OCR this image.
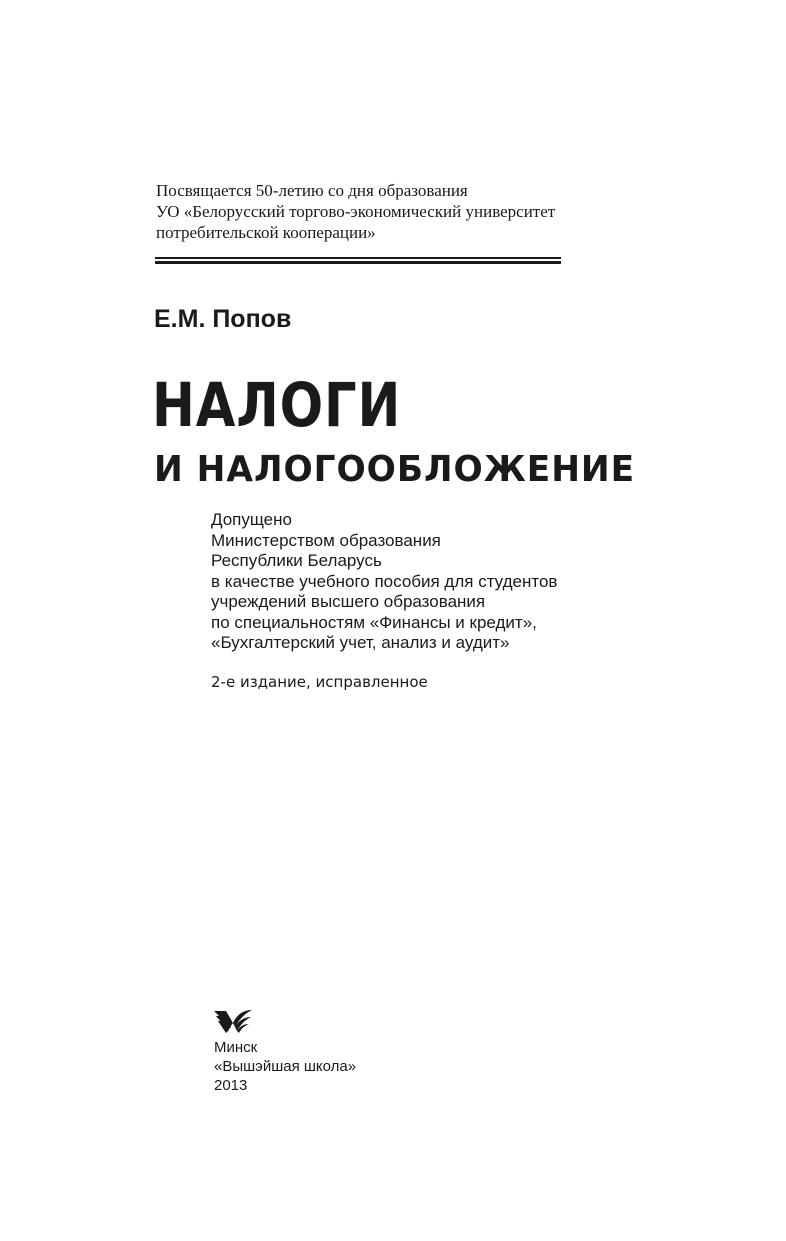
Посвящается 50-летию со дня образования
УО «Белорусский торгово-экономический университет
потребительской кооперации»
Е.М. Попов
НАЛОГИ
И НАЛОГООБЛОЖЕНИЕ
Допущено
Министерством образования
Республики Беларусь
в качестве учебного пособия для студентов
учреждений высшего образования
по специальностям «Финансы и кредит»,
«Бухгалтерский учет, анализ и аудит»
2-е издание, исправленное
Минск
«Вышэйшая школа»
2013
